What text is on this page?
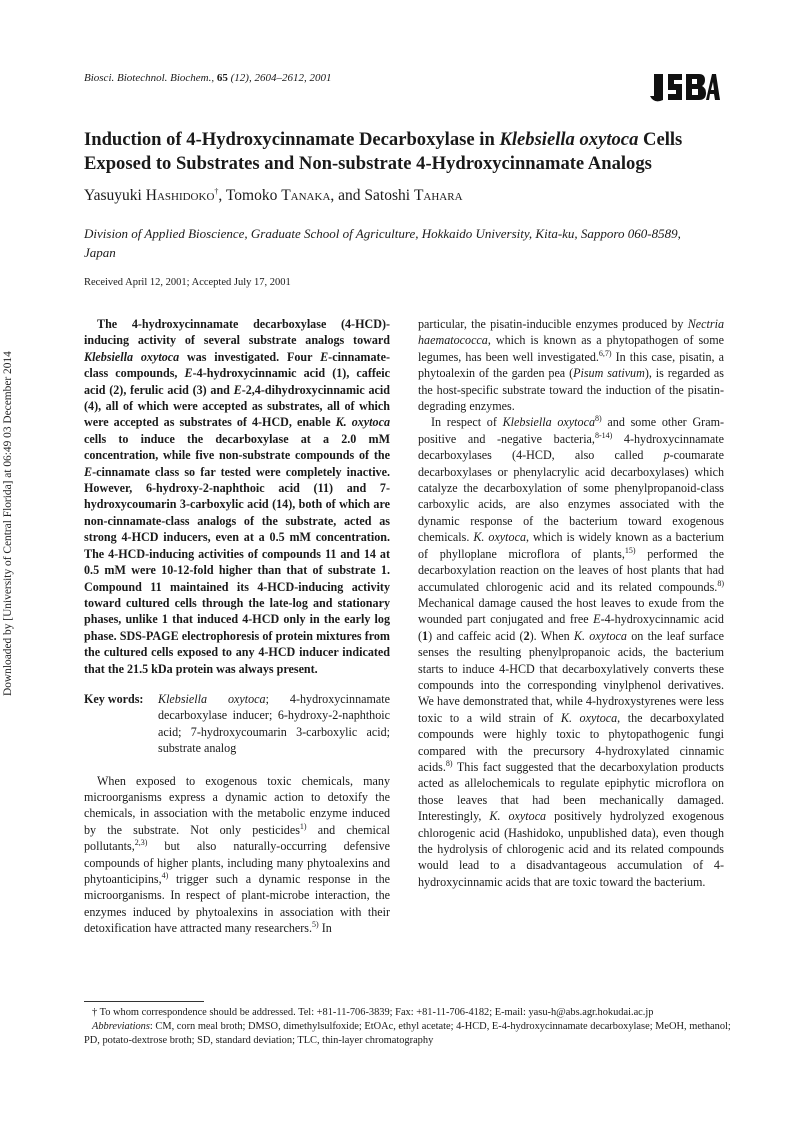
Biosci. Biotechnol. Biochem., 65 (12), 2604–2612, 2001
Induction of 4-Hydroxycinnamate Decarboxylase in Klebsiella oxytoca Cells Exposed to Substrates and Non-substrate 4-Hydroxycinnamate Analogs
Yasuyuki Hashidoko†, Tomoko Tanaka, and Satoshi Tahara
Division of Applied Bioscience, Graduate School of Agriculture, Hokkaido University, Kita-ku, Sapporo 060-8589, Japan
Received April 12, 2001; Accepted July 17, 2001
Downloaded by [University of Central Florida] at 06:49 03 December 2014

The 4-hydroxycinnamate decarboxylase (4-HCD)-inducing activity of several substrate analogs toward Klebsiella oxytoca was investigated. Four E-cinnamate-class compounds, E-4-hydroxycinnamic acid (1), caffeic acid (2), ferulic acid (3) and E-2,4-dihydroxycinnamic acid (4), all of which were accepted as substrates, all of which were accepted as substrates of 4-HCD, enable K. oxytoca cells to induce the decarboxylase at a 2.0 mM concentration, while five non-substrate compounds of the E-cinnamate class so far tested were completely inactive. However, 6-hydroxy-2-naphthoic acid (11) and 7-hydroxycoumarin 3-carboxylic acid (14), both of which are non-cinnamate-class analogs of the substrate, acted as strong 4-HCD inducers, even at a 0.5 mM concentration. The 4-HCD-inducing activities of compounds 11 and 14 at 0.5 mM were 10-12-fold higher than that of substrate 1. Compound 11 maintained its 4-HCD-inducing activity toward cultured cells through the late-log and stationary phases, unlike 1 that induced 4-HCD only in the early log phase. SDS-PAGE electrophoresis of protein mixtures from the cultured cells exposed to any 4-HCD inducer indicated that the 21.5 kDa protein was always present.

Key words:	Klebsiella oxytoca; 4-hydroxycinnamate decarboxylase inducer; 6-hydroxy-2-naphthoic acid; 7-hydroxycoumarin 3-carboxylic acid; substrate analog

When exposed to exogenous toxic chemicals, many microorganisms express a dynamic action to detoxify the chemicals, in association with the metabolic enzyme induced by the substrate. Not only pesticides$^{1)}$ and chemical pollutants,$^{2,3)}$ but also naturally-occurring defensive compounds of higher plants, including many phytoalexins and phytoanticipins,$^{4)}$ trigger such a dynamic response in the microorganisms. In respect of plant-microbe interaction, the enzymes induced by phytoalexins in association with their detoxification have attracted many researchers.$^{5)}$ In

particular, the pisatin-inducible enzymes produced by Nectria haematococca, which is known as a phytopathogen of some legumes, has been well investigated.$^{6,7)}$ In this case, pisatin, a phytoalexin of the garden pea (Pisum sativum), is regarded as the host-specific substrate toward the induction of the pisatin-degrading enzymes.

In respect of Klebsiella oxytoca$^{8)}$ and some other Gram-positive and -negative bacteria,$^{8-14)}$ 4-hydroxycinnamate decarboxylases (4-HCD, also called p-coumarate decarboxylases or phenylacrylic acid decarboxylases) which catalyze the decarboxylation of some phenylpropanoid-class carboxylic acids, are also enzymes associated with the dynamic response of the bacterium toward exogenous chemicals. K. oxytoca, which is widely known as a bacterium of phylloplane microflora of plants,$^{15)}$ performed the decarboxylation reaction on the leaves of host plants that had accumulated chlorogenic acid and its related compounds.$^{8)}$ Mechanical damage caused the host leaves to exude from the wounded part conjugated and free E-4-hydroxycinnamic acid (1) and caffeic acid (2). When K. oxytoca on the leaf surface senses the resulting phenylpropanoic acids, the bacterium starts to induce 4-HCD that decarboxylatively converts these compounds into the corresponding vinylphenol derivatives. We have demonstrated that, while 4-hydroxystyrenes were less toxic to a wild strain of K. oxytoca, the decarboxylated compounds were highly toxic to phytopathogenic fungi compared with the precursory 4-hydroxylated cinnamic acids.$^{8)}$ This fact suggested that the decarboxylation products acted as allelochemicals to regulate epiphytic microflora on those leaves that had been mechanically damaged. Interestingly, K. oxytoca positively hydrolyzed exogenous chlorogenic acid (Hashidoko, unpublished data), even though the hydrolysis of chlorogenic acid and its related compounds would lead to a disadvantageous accumulation of 4-hydroxycinnamic acids that are toxic toward the bacterium.

† To whom correspondence should be addressed. Tel: +81-11-706-3839; Fax: +81-11-706-4182; E-mail: yasu-h@abs.agr.hokudai.ac.jp

Abbreviations: CM, corn meal broth; DMSO, dimethylsulfoxide; EtOAc, ethyl acetate; 4-HCD, E-4-hydroxycinnamate decarboxylase; MeOH, methanol; PD, potato-dextrose broth; SD, standard deviation; TLC, thin-layer chromatography
